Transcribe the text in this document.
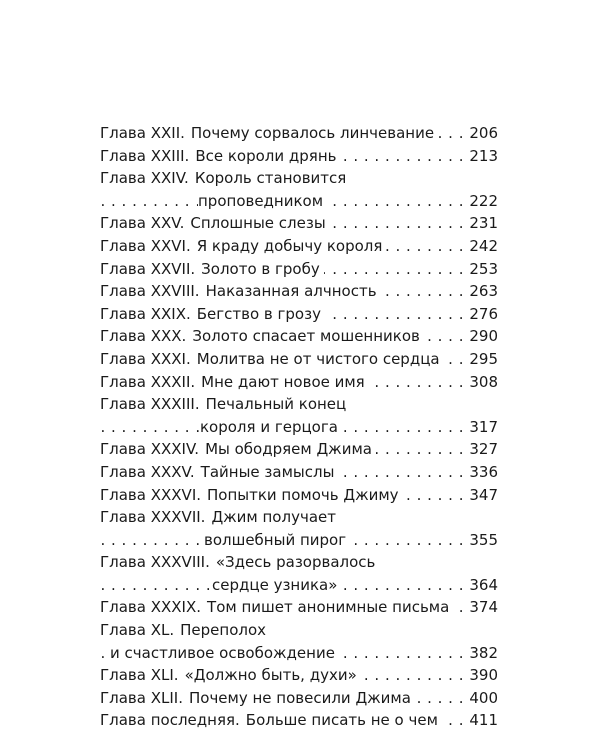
. . .
Глава XXII. Почему сорвалось линчевание 206
. . .
Глава XXIII. Все короли дрянь	213
Глава XXIV. Король становится
. . .
проповедником	222
. . .
Глава XXV. Сплошные слезы	231
. . .
Глава XXVI. Я краду добычу короля	242
. . .
Глава XXVII. Золото в гробу	253
. . .
Глава XXVIII. Наказанная алчность	263
. . .
Глава XXIX. Бегство в грозу	276
. . .
Глава XXX. Золото спасает мошенников	290
. . .
Глава XXXI. Молитва не от чистого сердца 295
. . .
Глава XXXII. Мне дают новое имя	308
Глава XXXIII. Печальный конец
. . .
короля и герцога	317
. . .
Глава XXXIV. Мы ободряем Джима	327
. . .
Глава XXXV. Тайные замыслы	336
. . .
Глава XXXVI. Попытки помочь Джиму	347
Глава XXXVII. Джим получает
. . .
волшебный пирог	355
Глава XXXVIII. «Здесь разорвалось
. . .
сердце узника»	364
. . .
Глава XXXIX. Том пишет анонимные письма 374
Глава XL. Переполох
. . .
и счастливое освобождение	382
. . .
Глава XLI. «Должно быть, духи»	390
. . .
Глава XLII. Почему не повесили Джима	400
. . .
Глава последняя. Больше писать не о чем 411
